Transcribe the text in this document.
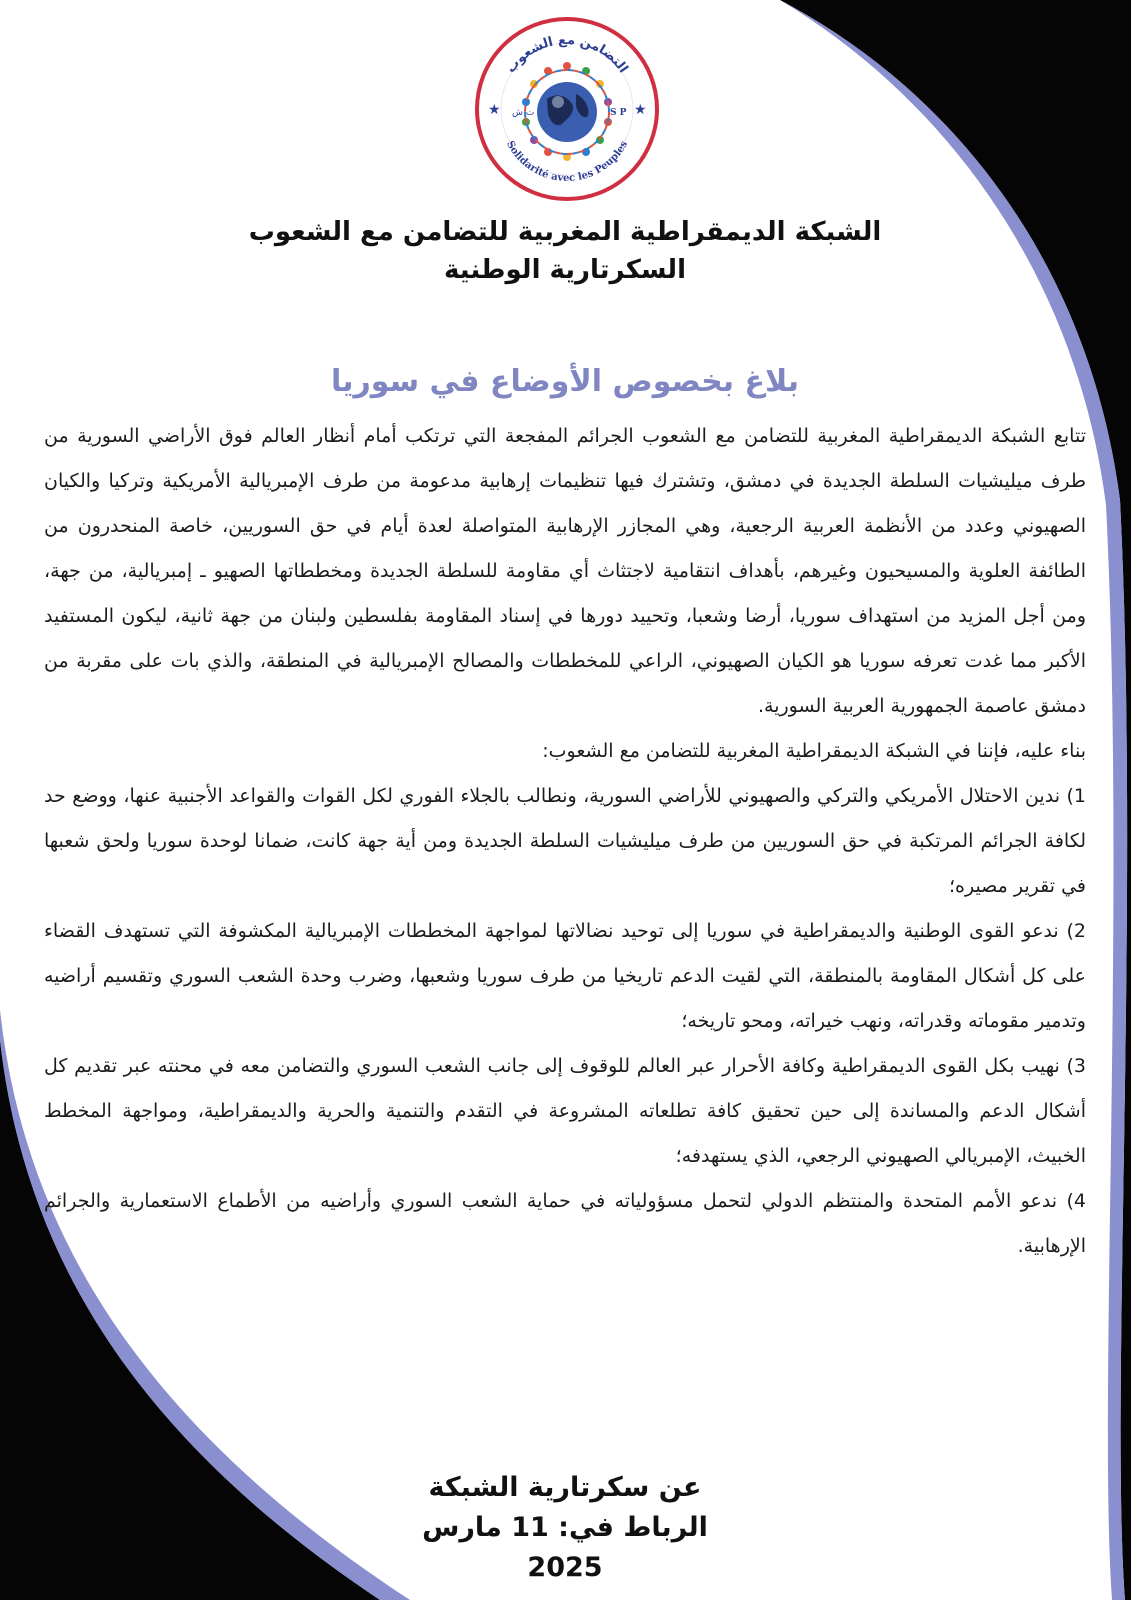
التضامن مع الشعوب
Solidarité avec les Peuples
★	★
ت ش	S P
الشبكة الديمقراطية المغربية للتضامن مع الشعوب
السكرتارية الوطنية
بلاغ بخصوص الأوضاع في سوريا

تتابع الشبكة الديمقراطية المغربية للتضامن مع الشعوب الجرائم المفجعة التي ترتكب أمام أنظار العالم فوق الأراضي السورية من طرف ميليشيات السلطة الجديدة في دمشق، وتشترك فيها تنظيمات إرهابية مدعومة من طرف الإمبريالية الأمريكية وتركيا والكيان الصهيوني وعدد من الأنظمة العربية الرجعية، وهي المجازر الإرهابية المتواصلة لعدة أيام في حق السوريين، خاصة المنحدرون من الطائفة العلوية والمسيحيون وغيرهم، بأهداف انتقامية لاجتثاث أي مقاومة للسلطة الجديدة ومخططاتها الصهيو ـ إمبريالية، من جهة، ومن أجل المزيد من استهداف سوريا، أرضا وشعبا، وتحييد دورها في إسناد المقاومة بفلسطين ولبنان من جهة ثانية، ليكون المستفيد الأكبر مما غدت تعرفه سوريا هو الكيان الصهيوني، الراعي للمخططات والمصالح الإمبريالية في المنطقة، والذي بات على مقربة من دمشق عاصمة الجمهورية العربية السورية.

بناء عليه، فإننا في الشبكة الديمقراطية المغربية للتضامن مع الشعوب:

1) ندين الاحتلال الأمريكي والتركي والصهيوني للأراضي السورية، ونطالب بالجلاء الفوري لكل القوات والقواعد الأجنبية عنها، ووضع حد لكافة الجرائم المرتكبة في حق السوريين من طرف ميليشيات السلطة الجديدة ومن أية جهة كانت، ضمانا لوحدة سوريا ولحق شعبها في تقرير مصيره؛

2) ندعو القوى الوطنية والديمقراطية في سوريا إلى توحيد نضالاتها لمواجهة المخططات الإمبريالية المكشوفة التي تستهدف القضاء على كل أشكال المقاومة بالمنطقة، التي لقيت الدعم تاريخيا من طرف سوريا وشعبها، وضرب وحدة الشعب السوري وتقسيم أراضيه وتدمير مقوماته وقدراته، ونهب خيراته، ومحو تاريخه؛

3) نهيب بكل القوى الديمقراطية وكافة الأحرار عبر العالم للوقوف إلى جانب الشعب السوري والتضامن معه في محنته عبر تقديم كل أشكال الدعم والمساندة إلى حين تحقيق كافة تطلعاته المشروعة في التقدم والتنمية والحرية والديمقراطية، ومواجهة المخطط الخبيث، الإمبريالي الصهيوني الرجعي، الذي يستهدفه؛

4) ندعو الأمم المتحدة والمنتظم الدولي لتحمل مسؤولياته في حماية الشعب السوري وأراضيه من الأطماع الاستعمارية والجرائم الإرهابية.

عن سكرتارية الشبكة
الرباط في: 11 مارس 2025
